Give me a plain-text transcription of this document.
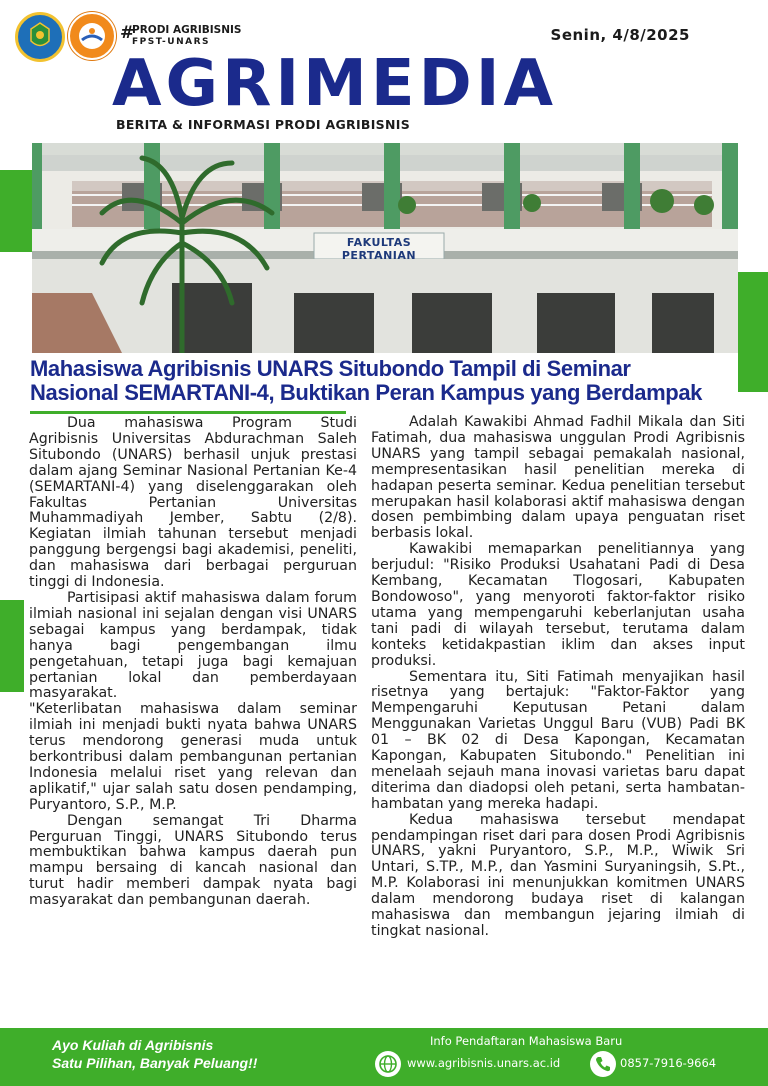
#
PRODI AGRIBISNIS
FPST-UNARS	Senin, 4/8/2025
AGRIMEDIA
BERITA & INFORMASI PRODI AGRIBISNIS
FAKULTAS PERTANIAN
Mahasiswa Agribisnis UNARS Situbondo Tampil di Seminar
Nasional SEMARTANI-4, Buktikan Peran Kampus yang Berdampak

Dua mahasiswa Program Studi Agribisnis Universitas Abdurachman Saleh Situbondo (UNARS) berhasil unjuk prestasi dalam ajang Seminar Nasional Pertanian Ke-4 (SEMARTANI-4) yang diselenggarakan oleh Fakultas Pertanian Universitas Muhammadiyah Jember, Sabtu (2/8). Kegiatan ilmiah tahunan tersebut menjadi panggung bergengsi bagi akademisi, peneliti, dan mahasiswa dari berbagai perguruan tinggi di Indonesia.

Partisipasi aktif mahasiswa dalam forum ilmiah nasional ini sejalan dengan visi UNARS sebagai kampus yang berdampak, tidak hanya bagi pengembangan ilmu pengetahuan, tetapi juga bagi kemajuan pertanian lokal dan pemberdayaan masyarakat.

"Keterlibatan mahasiswa dalam seminar ilmiah ini menjadi bukti nyata bahwa UNARS terus mendorong generasi muda untuk berkontribusi dalam pembangunan pertanian Indonesia melalui riset yang relevan dan aplikatif," ujar salah satu dosen pendamping, Puryantoro, S.P., M.P.

Dengan semangat Tri Dharma Perguruan Tinggi, UNARS Situbondo terus membuktikan bahwa kampus daerah pun mampu bersaing di kancah nasional dan turut hadir memberi dampak nyata bagi masyarakat dan pembangunan daerah.

Adalah Kawakibi Ahmad Fadhil Mikala dan Siti Fatimah, dua mahasiswa unggulan Prodi Agribisnis UNARS yang tampil sebagai pemakalah nasional, mempresentasikan hasil penelitian mereka di hadapan peserta seminar. Kedua penelitian tersebut merupakan hasil kolaborasi aktif mahasiswa dengan dosen pembimbing dalam upaya penguatan riset berbasis lokal.

Kawakibi memaparkan penelitiannya yang berjudul: "Risiko Produksi Usahatani Padi di Desa Kembang, Kecamatan Tlogosari, Kabupaten Bondowoso", yang menyoroti faktor-faktor risiko utama yang mempengaruhi keberlanjutan usaha tani padi di wilayah tersebut, terutama dalam konteks ketidakpastian iklim dan akses input produksi.

Sementara itu, Siti Fatimah menyajikan hasil risetnya yang bertajuk: "Faktor-Faktor yang Mempengaruhi Keputusan Petani dalam Menggunakan Varietas Unggul Baru (VUB) Padi BK 01 – BK 02 di Desa Kapongan, Kecamatan Kapongan, Kabupaten Situbondo." Penelitian ini menelaah sejauh mana inovasi varietas baru dapat diterima dan diadopsi oleh petani, serta hambatan-hambatan yang mereka hadapi.

Kedua mahasiswa tersebut mendapat pendampingan riset dari para dosen Prodi Agribisnis UNARS, yakni Puryantoro, S.P., M.P., Wiwik Sri Untari, S.TP., M.P., dan Yasmini Suryaningsih, S.Pt., M.P. Kolaborasi ini menunjukkan komitmen UNARS dalam mendorong budaya riset di kalangan mahasiswa dan membangun jejaring ilmiah di tingkat nasional.

Ayo Kuliah di Agribisnis
Satu Pilihan, Banyak Peluang!!
Info Pendaftaran Mahasiswa Baru
www.agribisnis.unars.ac.id	0857-7916-9664
